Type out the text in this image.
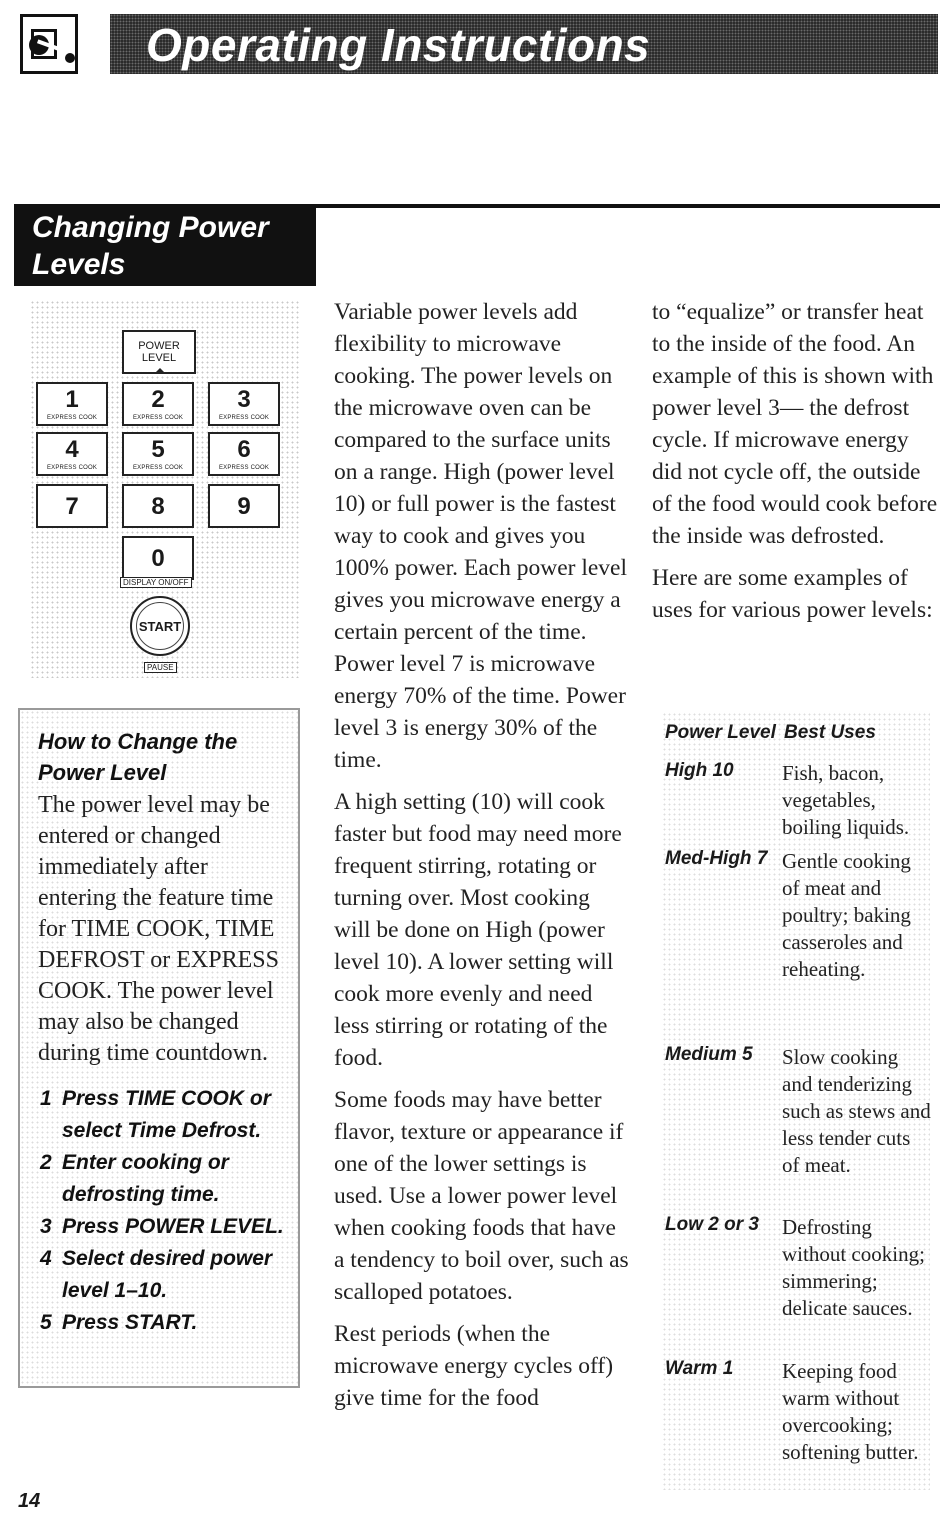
Operating Instructions
Changing Power Levels
POWER
LEVEL
1
EXPRESS COOK
2
EXPRESS COOK
3
EXPRESS COOK
4
EXPRESS COOK
5
EXPRESS COOK
6
EXPRESS COOK
7	8	9
0
DISPLAY ON/OFF
START
PAUSE
How to Change the Power Level

The power level may be entered or changed immediately after entering the feature time for TIME COOK, TIME DEFROST or EXPRESS COOK. The power level may also be changed during time countdown.

1 Press TIME COOK or select Time Defrost.
2 Enter cooking or defrosting time.
3 Press POWER LEVEL.
4 Select desired power level 1–10.
5 Press START.

14

Variable power levels add flexibility to microwave cooking. The power levels on the microwave oven can be compared to the surface units on a range. High (power level 10) or full power is the fastest way to cook and gives you 100% power. Each power level gives you microwave energy a certain percent of the time. Power level 7 is microwave energy 70% of the time. Power level 3 is energy 30% of the time.

A high setting (10) will cook faster but food may need more frequent stirring, rotating or turning over. Most cooking will be done on High (power level 10). A lower setting will cook more evenly and need less stirring or rotating of the food.

Some foods may have better flavor, texture or appearance if one of the lower settings is used. Use a lower power level when cooking foods that have a tendency to boil over, such as scalloped potatoes.

Rest periods (when the microwave energy cycles off) give time for the food

to “equalize” or transfer heat to the inside of the food. An example of this is shown with power level 3— the defrost cycle. If microwave energy did not cycle off, the outside of the food would cook before the inside was defrosted.

Here are some examples of uses for various power levels:

Power Level Best Uses
High 10 Fish, bacon, vegetables, boiling liquids.
Med-High 7 Gentle cooking of meat and poultry; baking casseroles and reheating.
Medium 5 Slow cooking and tenderizing such as stews and less tender cuts of meat.
Low 2 or 3 Defrosting without cooking; simmering; delicate sauces.
Warm 1 Keeping food warm without overcooking; softening butter.
